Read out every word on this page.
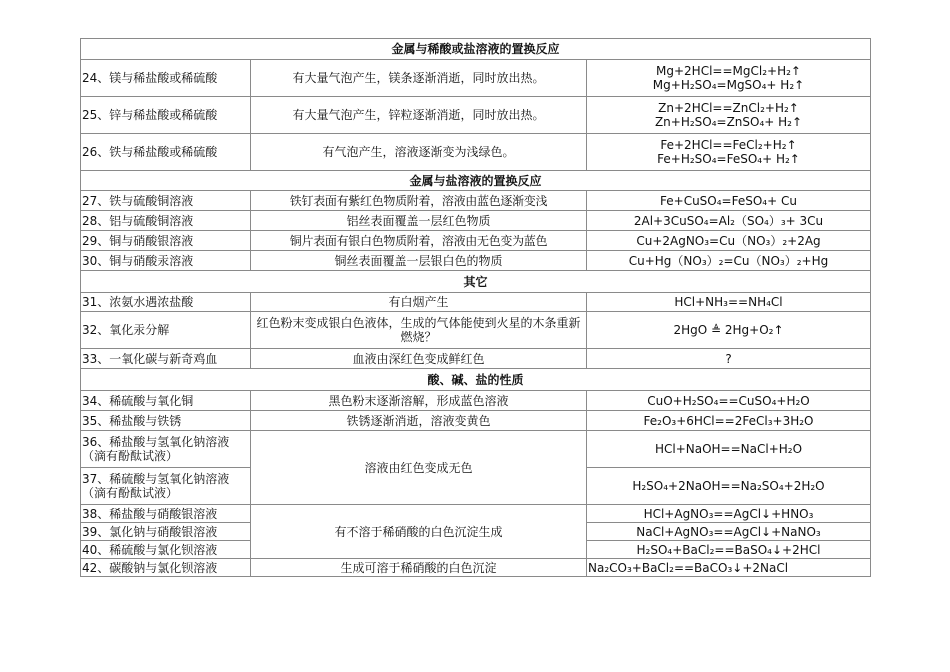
金属与稀酸或盐溶液的置换反应		
24、镁与稀盐酸或稀硫酸	有大量气泡产生，镁条逐渐消逝，同时放出热。	Mg+2HCl==MgCl₂+H₂↑
Mg+H₂SO₄=MgSO₄+ H₂↑

25、锌与稀盐酸或稀硫酸	有大量气泡产生，锌粒逐渐消逝，同时放出热。	Zn+2HCl==ZnCl₂+H₂↑
Zn+H₂SO₄=ZnSO₄+ H₂↑

26、铁与稀盐酸或稀硫酸	有气泡产生，溶液逐渐变为浅绿色。	Fe+2HCl==FeCl₂+H₂↑
Fe+H₂SO₄=FeSO₄+ H₂↑

金属与盐溶液的置换反应		
27、铁与硫酸铜溶液	铁钉表面有紫红色物质附着，溶液由蓝色逐渐变浅	Fe+CuSO₄=FeSO₄+ Cu
28、铝与硫酸铜溶液	铝丝表面覆盖一层红色物质	2Al+3CuSO₄=Al₂（SO₄）₃+ 3Cu
29、铜与硝酸银溶液	铜片表面有银白色物质附着，溶液由无色变为蓝色	Cu+2AgNO₃=Cu（NO₃）₂+2Ag
30、铜与硝酸汞溶液	铜丝表面覆盖一层银白色的物质	Cu+Hg（NO₃）₂=Cu（NO₃）₂+Hg
其它		
31、浓氨水遇浓盐酸	有白烟产生	HCl+NH₃==NH₄Cl
32、氧化汞分解	红色粉末变成银白色液体，生成的气体能使到火星的木条重新燃烧？	2HgO ≜ 2Hg+O₂↑
33、一氧化碳与新奇鸡血	血液由深红色变成鲜红色	?
酸、碱、盐的性质		
34、稀硫酸与氧化铜	黑色粉末逐渐溶解，形成蓝色溶液	CuO+H₂SO₄==CuSO₄+H₂O
35、稀盐酸与铁锈	铁锈逐渐消逝，溶液变黄色	Fe₂O₃+6HCl==2FeCl₃+3H₂O
36、稀盐酸与氢氧化钠溶液（滴有酚酞试液）	溶液由红色变成无色	HCl+NaOH==NaCl+H₂O
37、稀硫酸与氢氧化钠溶液（滴有酚酞试液）		H₂SO₄+2NaOH==Na₂SO₄+2H₂O
38、稀盐酸与硝酸银溶液	有不溶于稀硝酸的白色沉淀生成	HCl+AgNO₃==AgCl↓+HNO₃
39、氯化钠与硝酸银溶液		NaCl+AgNO₃==AgCl↓+NaNO₃
40、稀硫酸与氯化钡溶液		H₂SO₄+BaCl₂==BaSO₄↓+2HCl
42、碳酸钠与氯化钡溶液	生成可溶于稀硝酸的白色沉淀	Na₂CO₃+BaCl₂==BaCO₃↓+2NaCl
